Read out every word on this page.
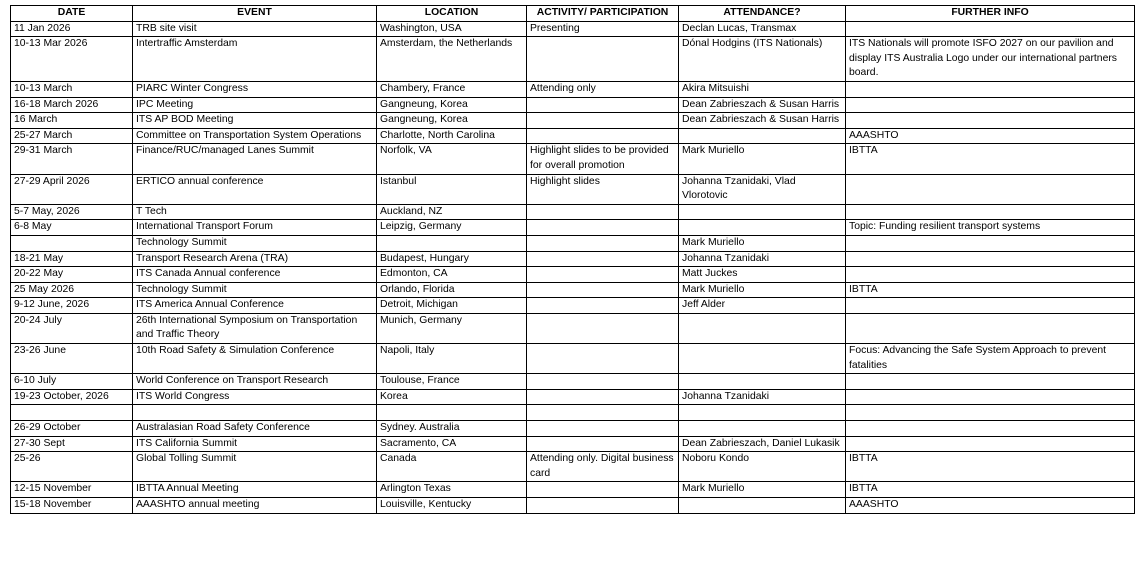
DATE	EVENT	LOCATION	ACTIVITY/ PARTICIPATION	ATTENDANCE?	FURTHER INFO
11 Jan 2026	TRB site visit	Washington, USA	Presenting	Declan Lucas, Transmax	
10-13 Mar 2026	Intertraffic Amsterdam	Amsterdam, the Netherlands		Dónal Hodgins (ITS Nationals)	ITS Nationals will promote ISFO 2027 on our pavilion and display ITS Australia Logo under our international partners board.
10-13 March	PIARC Winter Congress	Chambery, France	Attending only	Akira Mitsuishi	
16-18 March 2026	IPC Meeting	Gangneung, Korea		Dean Zabrieszach & Susan Harris	
16 March	ITS AP BOD Meeting	Gangneung, Korea		Dean Zabrieszach & Susan Harris	
25-27 March	Committee on Transportation System Operations	Charlotte, North Carolina			AAASHTO
29-31 March	Finance/RUC/managed Lanes Summit	Norfolk, VA	Highlight slides to be provided for overall promotion	Mark Muriello	IBTTA
27-29 April 2026	ERTICO annual conference	Istanbul	Highlight slides	Johanna Tzanidaki, Vlad Vlorotovic	
5-7 May, 2026	T Tech	Auckland, NZ			
6-8 May	International Transport Forum	Leipzig, Germany			Topic: Funding resilient transport systems
	Technology Summit			Mark Muriello	
18-21 May	Transport Research Arena (TRA)	Budapest, Hungary		Johanna Tzanidaki	
20-22 May	ITS Canada Annual conference	Edmonton, CA		Matt Juckes	
25 May 2026	Technology Summit	Orlando, Florida		Mark Muriello	IBTTA
9-12 June, 2026	ITS America Annual Conference	Detroit, Michigan		Jeff Alder	
20-24 July	26th International Symposium on Transportation and Traffic Theory	Munich, Germany			
23-26 June	10th Road Safety & Simulation Conference	Napoli, Italy			Focus: Advancing the Safe System Approach to prevent fatalities
6-10 July	World Conference on Transport Research	Toulouse, France			
19-23 October, 2026	ITS World Congress	Korea		Johanna Tzanidaki	

26-29 October	Australasian Road Safety Conference	Sydney. Australia			
27-30 Sept	ITS California Summit	Sacramento, CA		Dean Zabrieszach, Daniel Lukasik	
25-26	Global Tolling Summit	Canada	Attending only. Digital business card	Noboru Kondo	IBTTA
12-15 November	IBTTA Annual Meeting	Arlington Texas		Mark Muriello	IBTTA
15-18 November	AAASHTO annual meeting	Louisville, Kentucky			AAASHTO
